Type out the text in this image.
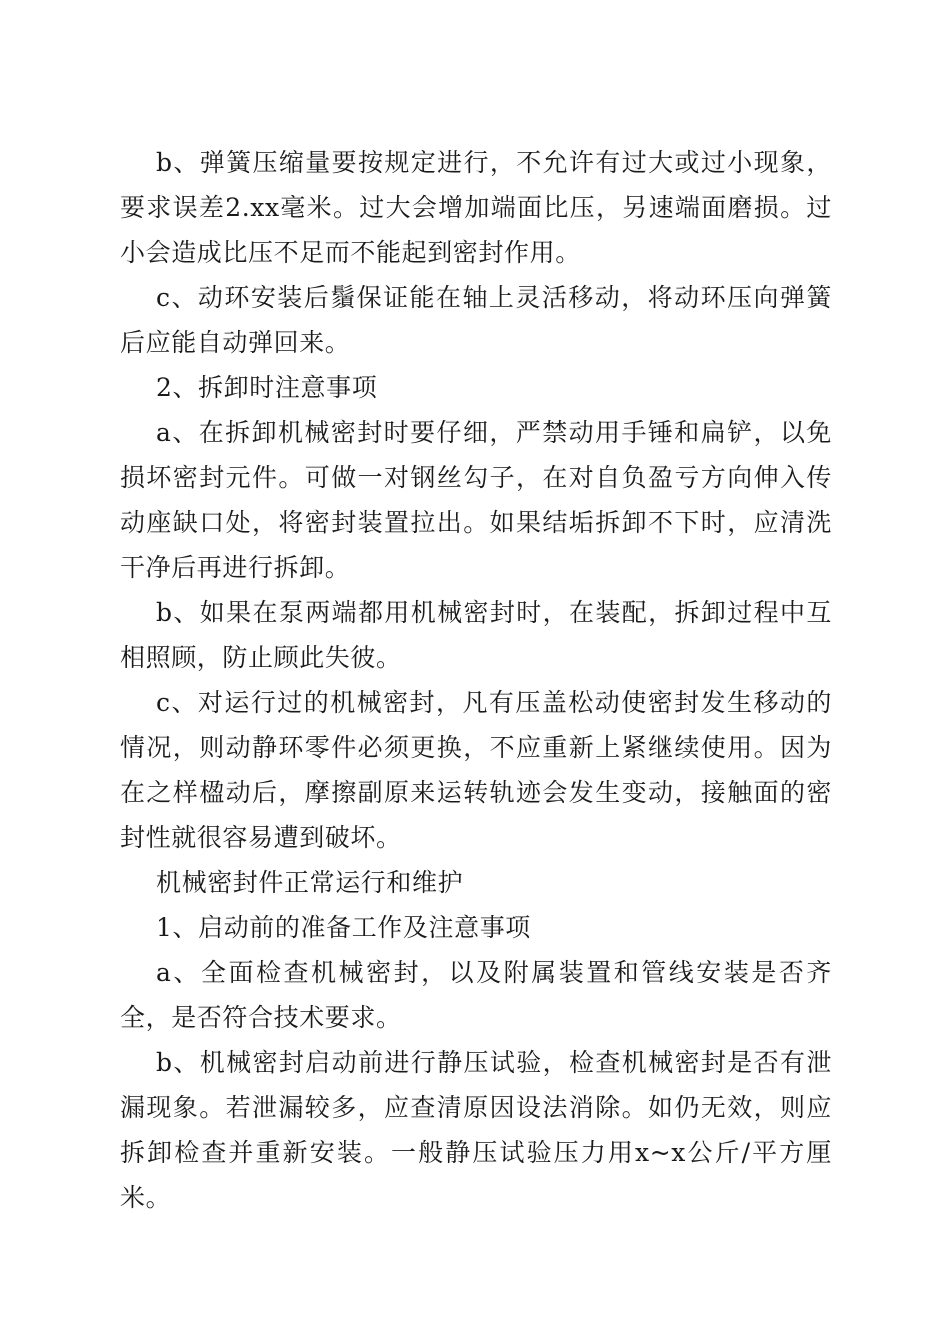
b、弹簧压缩量要按规定进行，不允许有过大或过小现象，要求误差2.xx毫米。过大会增加端面比压，另速端面磨损。过小会造成比压不足而不能起到密封作用。

c、动环安装后鬚保证能在轴上灵活移动，将动环压向弹簧后应能自动弹回来。

2、拆卸时注意事项

a、在拆卸机械密封时要仔细，严禁动用手锤和扁铲，以免损坏密封元件。可做一对钢丝勾子，在对自负盈亏方向伸入传动座缺口处，将密封装置拉出。如果结垢拆卸不下时，应清洗干净后再进行拆卸。

b、如果在泵两端都用机械密封时，在装配，拆卸过程中互相照顾，防止顾此失彼。

c、对运行过的机械密封，凡有压盖松动使密封发生移动的情况，则动静环零件必须更换，不应重新上紧继续使用。因为在之样楹动后，摩擦副原来运转轨迹会发生变动，接触面的密封性就很容易遭到破坏。

机械密封件正常运行和维护

1、启动前的准备工作及注意事项

a、全面检查机械密封，以及附属装置和管线安装是否齐全，是否符合技术要求。

b、机械密封启动前进行静压试验，检查机械密封是否有泄漏现象。若泄漏较多，应查清原因设法消除。如仍无效，则应拆卸检查并重新安装。一般静压试验压力用x~x公斤/平方厘米。
